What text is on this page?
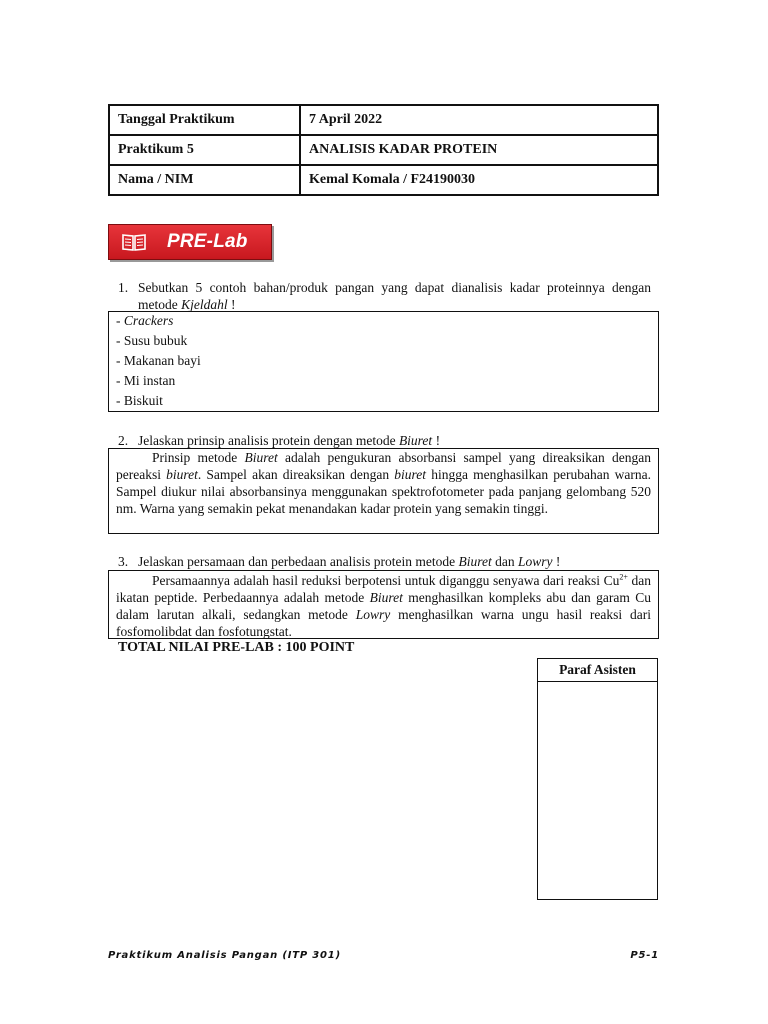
Tanggal Praktikum	7 April 2022
Praktikum 5	ANALISIS KADAR PROTEIN
Nama / NIM	Kemal Komala / F24190030
PRE-Lab
1. Sebutkan 5 contoh bahan/produk pangan yang dapat dianalisis kadar proteinnya dengan metode Kjeldahl !
- Crackers
- Susu bubuk
- Makanan bayi
- Mi instan
- Biskuit
2. Jelaskan prinsip analisis protein dengan metode Biuret !
Prinsip metode Biuret adalah pengukuran absorbansi sampel yang direaksikan dengan pereaksi biuret. Sampel akan direaksikan dengan biuret hingga menghasilkan perubahan warna. Sampel diukur nilai absorbansinya menggunakan spektrofotometer pada panjang gelombang 520 nm. Warna yang semakin pekat menandakan kadar protein yang semakin tinggi.
3. Jelaskan persamaan dan perbedaan analisis protein metode Biuret dan Lowry !
Persamaannya adalah hasil reduksi berpotensi untuk diganggu senyawa dari reaksi $Cu^{2+}$ dan ikatan peptide. Perbedaannya adalah metode Biuret menghasilkan kompleks abu dan garam Cu dalam larutan alkali, sedangkan metode Lowry menghasilkan warna ungu hasil reaksi dari fosfomolibdat dan fosfotungstat.
TOTAL NILAI PRE-LAB : 100 POINT
Paraf Asisten
Praktikum Analisis Pangan (ITP 301)	P5-1
